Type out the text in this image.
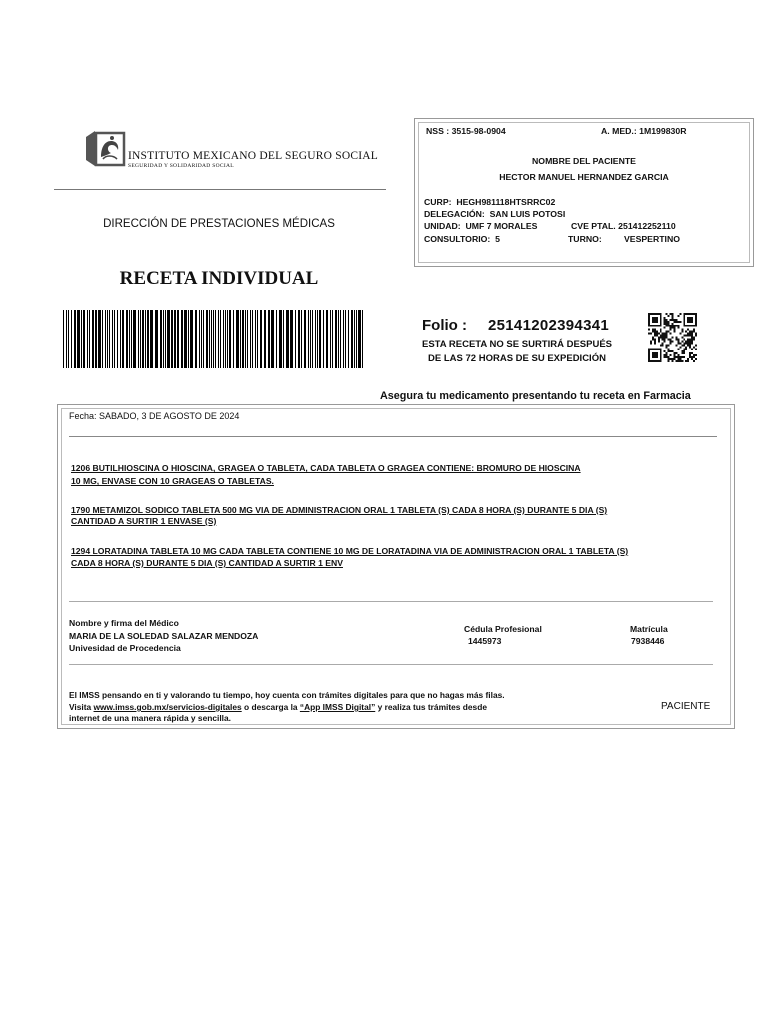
INSTITUTO MEXICANO DEL SEGURO SOCIAL
SEGURIDAD Y SOLIDARIDAD SOCIAL
DIRECCIÓN DE PRESTACIONES MÉDICAS
RECETA INDIVIDUAL
NSS : 3515-98-0904	A. MED.: 1M199830R
NOMBRE DEL PACIENTE
HECTOR MANUEL HERNANDEZ GARCIA
CURP: HEGH981118HTSRRC02
DELEGACIÓN: SAN LUIS POTOSI
UNIDAD: UMF 7 MORALES	CVE PTAL. 251412252110
CONSULTORIO: 5	TURNO:	VESPERTINO
Folio : 25141202394341
ESTA RECETA NO SE SURTIRÁ DESPUÉS
DE LAS 72 HORAS DE SU EXPEDICIÓN
Asegura tu medicamento presentando tu receta en Farmacia
Fecha: SABADO, 3 DE AGOSTO DE 2024
1206 BUTILHIOSCINA O HIOSCINA, GRAGEA O TABLETA, CADA TABLETA O GRAGEA CONTIENE: BROMURO DE HIOSCINA
10 MG, ENVASE CON 10 GRAGEAS O TABLETAS.
1790 METAMIZOL SODICO TABLETA 500 MG VIA DE ADMINISTRACION ORAL 1 TABLETA (S) CADA 8 HORA (S) DURANTE 5 DIA (S)
CANTIDAD A SURTIR 1 ENVASE (S)
1294 LORATADINA TABLETA 10 MG CADA TABLETA CONTIENE 10 MG DE LORATADINA VIA DE ADMINISTRACION ORAL 1 TABLETA (S)
CADA 8 HORA (S) DURANTE 5 DIA (S) CANTIDAD A SURTIR 1 ENV
Nombre y firma del Médico
MARIA DE LA SOLEDAD SALAZAR MENDOZA
Univesidad de Procedencia
Cédula Profesional
1445973
Matrícula
7938446
El IMSS pensando en ti y valorando tu tiempo, hoy cuenta con trámites digitales para que no hagas más filas.
Visita www.imss.gob.mx/servicios-digitales o descarga la “App IMSS Digital” y realiza tus trámites desde
internet de una manera rápida y sencilla.
PACIENTE
